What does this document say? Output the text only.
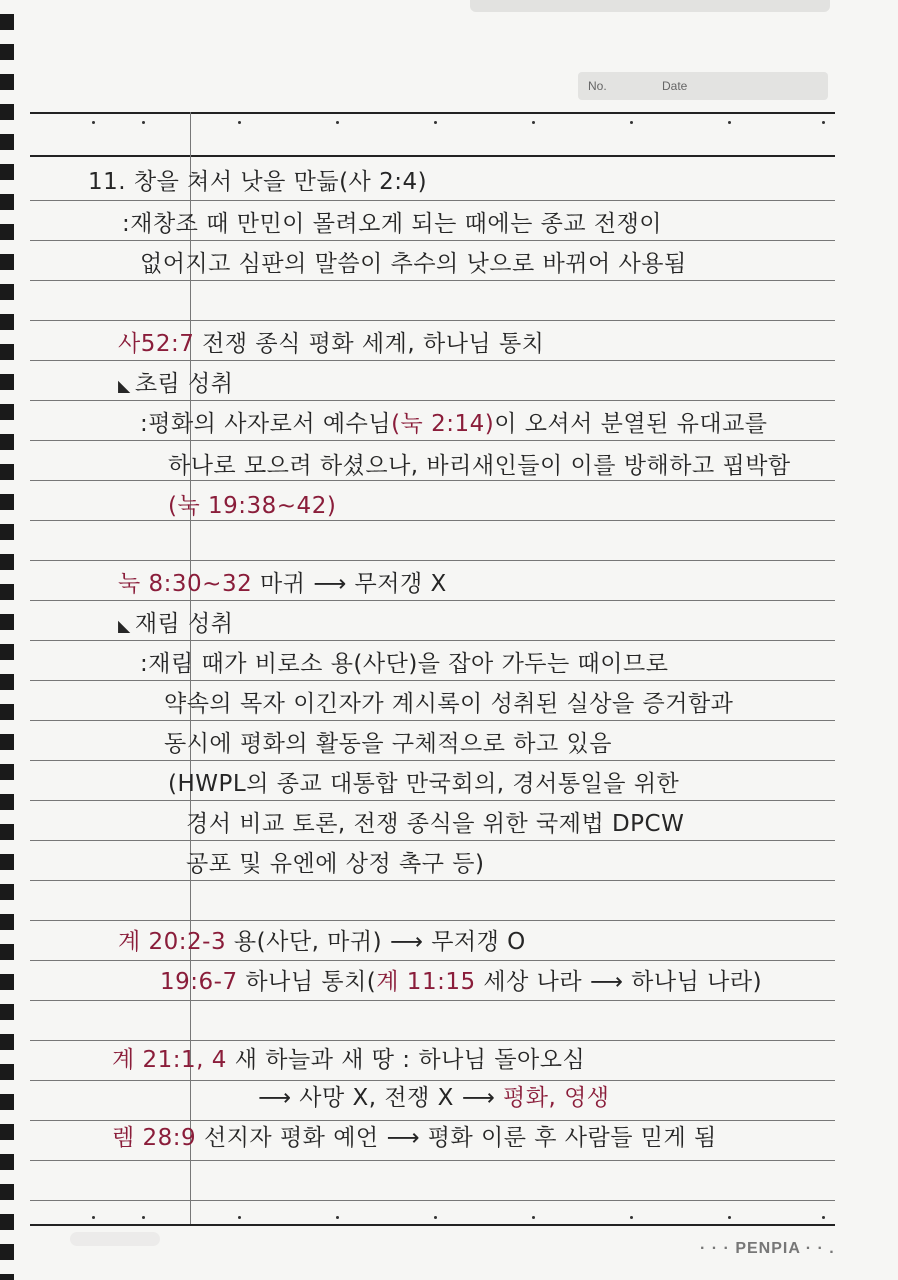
No.	Date
11. 창을 쳐서 낫을 만듦(사 2:4)
:재창조 때 만민이 몰려오게 되는 때에는 종교 전쟁이
없어지고 심판의 말씀이 추수의 낫으로 바뀌어 사용됨
사52:7 전쟁 종식 평화 세계, 하나님 통치
◣ 초림 성취
:평화의 사자로서 예수님(눅 2:14)이 오셔서 분열된 유대교를
하나로 모으려 하셨으나, 바리새인들이 이를 방해하고 핍박함
(눅 19:38~42)
눅 8:30~32 마귀 ⟶ 무저갱 X
◣ 재림 성취
:재림 때가 비로소 용(사단)을 잡아 가두는 때이므로
약속의 목자 이긴자가 계시록이 성취된 실상을 증거함과
동시에 평화의 활동을 구체적으로 하고 있음
(HWPL의 종교 대통합 만국회의, 경서통일을 위한
경서 비교 토론, 전쟁 종식을 위한 국제법 DPCW
공포 및 유엔에 상정 촉구 등)
계 20:2-3 용(사단, 마귀) ⟶ 무저갱 O
19:6-7 하나님 통치(계 11:15 세상 나라 ⟶ 하나님 나라)
계 21:1, 4 새 하늘과 새 땅 : 하나님 돌아오심
⟶ 사망 X, 전쟁 X ⟶ 평화, 영생
렘 28:9 선지자 평화 예언 ⟶ 평화 이룬 후 사람들 믿게 됨
· · · PENPIA · · .
